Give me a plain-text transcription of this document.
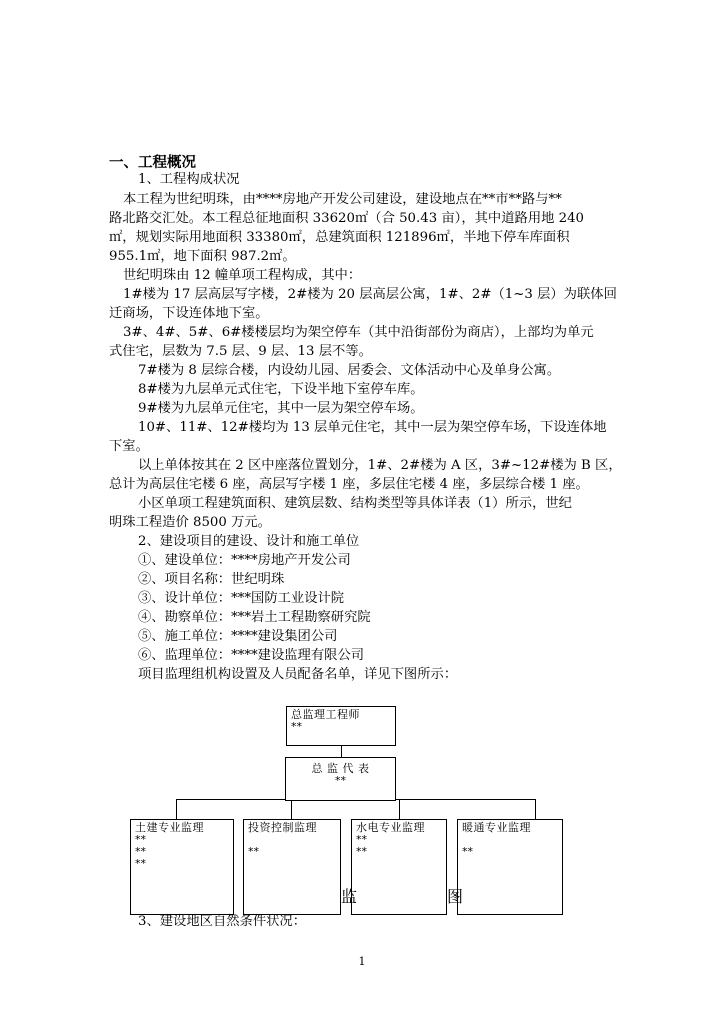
一、工程概况
1、工程构成状况
本工程为世纪明珠，由****房地产开发公司建设，建设地点在**市**路与**
路北路交汇处。本工程总征地面积 33620㎡（合 50.43 亩），其中道路用地 240
㎡，规划实际用地面积 33380㎡，总建筑面积 121896㎡，半地下停车库面积
955.1㎡，地下面积 987.2㎡。
世纪明珠由 12 幢单项工程构成，其中：
1#楼为 17 层高层写字楼，2#楼为 20 层高层公寓，1#、2#（1~3 层）为联体回
迁商场，下设连体地下室。
3#、4#、5#、6#楼楼层均为架空停车（其中沿街部份为商店），上部均为单元
式住宅，层数为 7.5 层、9 层、13 层不等。
7#楼为 8 层综合楼，内设幼儿园、居委会、文体活动中心及单身公寓。
8#楼为九层单元式住宅，下设半地下室停车库。
9#楼为九层单元住宅，其中一层为架空停车场。
10#、11#、12#楼均为 13 层单元住宅，其中一层为架空停车场，下设连体地
下室。
以上单体按其在 2 区中座落位置划分，1#、2#楼为 A 区，3#~12#楼为 B 区，
总计为高层住宅楼 6 座，高层写字楼 1 座，多层住宅楼 4 座，多层综合楼 1 座。
小区单项工程建筑面积、建筑层数、结构类型等具体详表（1）所示，世纪
明珠工程造价 8500 万元。
2、建设项目的建设、设计和施工单位
①、建设单位：****房地产开发公司
②、项目名称：世纪明珠
③、设计单位：***国防工业设计院
④、勘察单位：***岩土工程勘察研究院
⑤、施工单位：****建设集团公司
⑥、监理单位：****建设监理有限公司
项目监理组机构设置及人员配备名单，详见下图所示：
总监理工程师
**
总 监 代 表
**
土建专业监理
**
**
**
投资控制监理
**
水电专业监理
**
**
暖通专业监理
**
监	图
3、建设地区自然条件状况：
1
